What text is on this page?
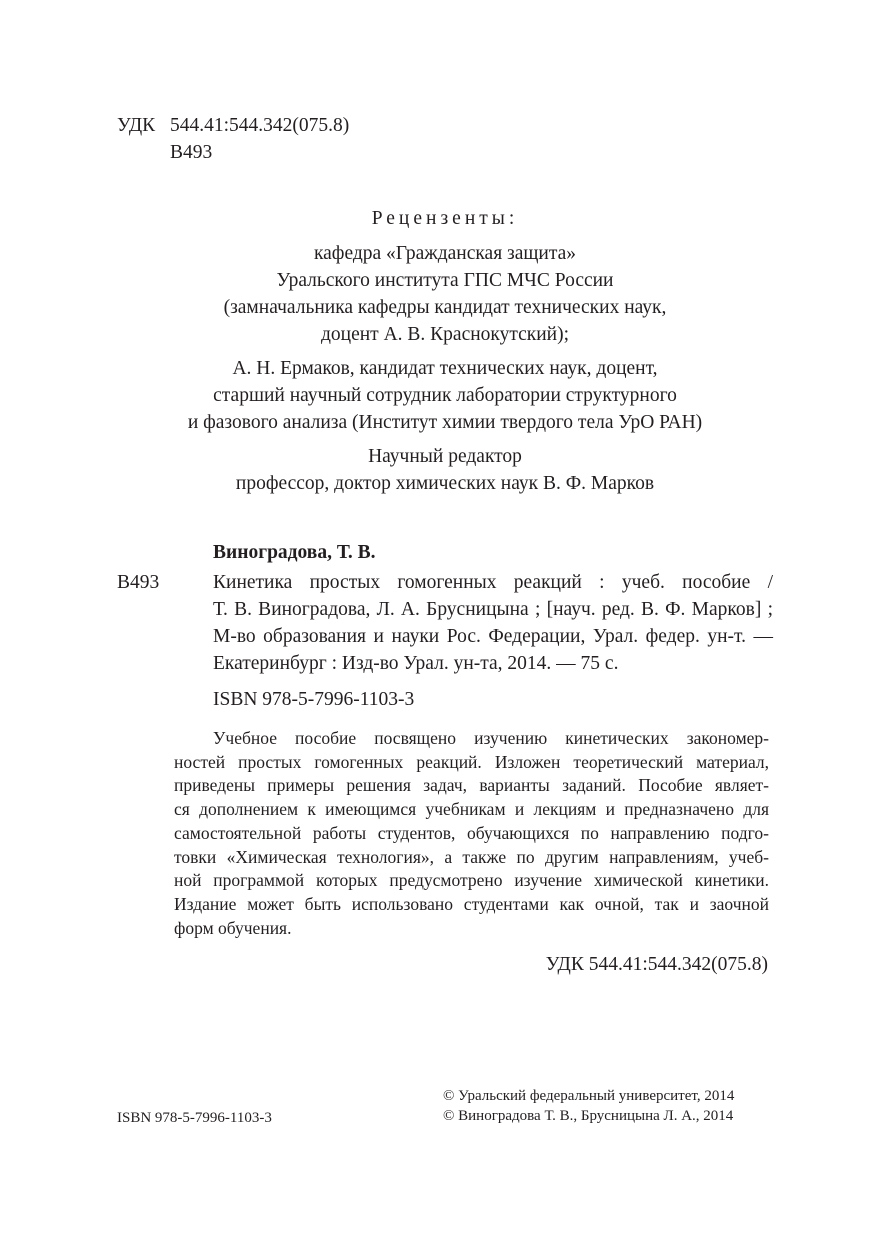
УДК 544.41:544.342(075.8)
В493
Рецензенты:
кафедра «Гражданская защита»
Уральского института ГПС МЧС России
(замначальника кафедры кандидат технических наук,
доцент А. В. Краснокутский);
А. Н. Ермаков, кандидат технических наук, доцент,
старший научный сотрудник лаборатории структурного
и фазового анализа (Институт химии твердого тела УрО РАН)
Научный редактор
профессор, доктор химических наук В. Ф. Марков
Виноградова, Т. В.
В493	Кинетика простых гомогенных реакций : учеб. пособие /
Т. В. Виноградова, Л. А. Брусницына ; [науч. ред. В. Ф. Марков] ;
М-во образования и науки Рос. Федерации, Урал. федер. ун-т. —
Екатеринбург : Изд-во Урал. ун-та, 2014. — 75 с.
ISBN 978-5-7996-1103-3
Учебное пособие посвящено изучению кинетических закономер-
ностей простых гомогенных реакций. Изложен теоретический материал,
приведены примеры решения задач, варианты заданий. Пособие являет-
ся дополнением к имеющимся учебникам и лекциям и предназначено для
самостоятельной работы студентов, обучающихся по направлению подго-
товки «Химическая технология», а также по другим направлениям, учеб-
ной программой которых предусмотрено изучение химической кинетики.
Издание может быть использовано студентами как очной, так и заочной
форм обучения.
УДК 544.41:544.342(075.8)
ISBN 978-5-7996-1103-3
© Уральский федеральный университет, 2014
© Виноградова Т. В., Брусницына Л. А., 2014
